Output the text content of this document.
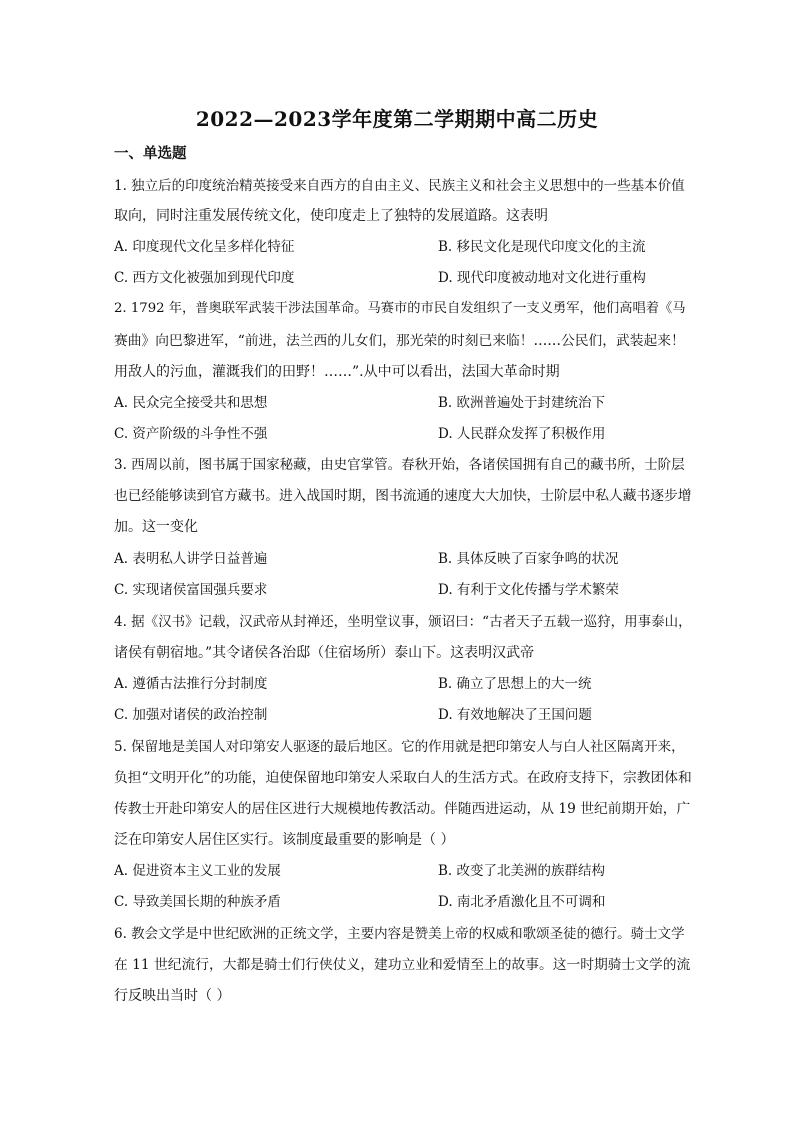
2022—2023学年度第二学期期中高二历史
一、单选题
1. 独立后的印度统治精英接受来自西方的自由主义、民族主义和社会主义思想中的一些基本价值
取向，同时注重发展传统文化，使印度走上了独特的发展道路。这表明
A. 印度现代文化呈多样化特征	B. 移民文化是现代印度文化的主流
C. 西方文化被强加到现代印度	D. 现代印度被动地对文化进行重构
2. 1792 年，普奥联军武装干涉法国革命。马赛市的市民自发组织了一支义勇军，他们高唱着《马
赛曲》向巴黎进军，“前进，法兰西的儿女们，那光荣的时刻已来临！……公民们，武装起来！
用敌人的污血，灌溉我们的田野！……”.从中可以看出，法国大革命时期
A. 民众完全接受共和思想	B. 欧洲普遍处于封建统治下
C. 资产阶级的斗争性不强	D. 人民群众发挥了积极作用
3. 西周以前，图书属于国家秘藏，由史官掌管。春秋开始，各诸侯国拥有自己的藏书所，士阶层
也已经能够读到官方藏书。进入战国时期，图书流通的速度大大加快，士阶层中私人藏书逐步增
加。这一变化
A. 表明私人讲学日益普遍	B. 具体反映了百家争鸣的状况
C. 实现诸侯富国强兵要求	D. 有利于文化传播与学术繁荣
4. 据《汉书》记载，汉武帝从封禅还，坐明堂议事，颁诏曰：“古者天子五载一巡狩，用事泰山，
诸侯有朝宿地。”其令诸侯各治邸（住宿场所）泰山下。这表明汉武帝
A. 遵循古法推行分封制度	B. 确立了思想上的大一统
C. 加强对诸侯的政治控制	D. 有效地解决了王国问题
5. 保留地是美国人对印第安人驱逐的最后地区。它的作用就是把印第安人与白人社区隔离开来，
负担“文明开化”的功能，迫使保留地印第安人采取白人的生活方式。在政府支持下，宗教团体和
传教士开赴印第安人的居住区进行大规模地传教活动。伴随西进运动，从 19 世纪前期开始，广
泛在印第安人居住区实行。该制度最重要的影响是（ ）
A. 促进资本主义工业的发展	B. 改变了北美洲的族群结构
C. 导致美国长期的种族矛盾	D. 南北矛盾激化且不可调和
6. 教会文学是中世纪欧洲的正统文学，主要内容是赞美上帝的权威和歌颂圣徒的德行。骑士文学
在 11 世纪流行，大都是骑士们行侠仗义，建功立业和爱情至上的故事。这一时期骑士文学的流
行反映出当时（ ）
